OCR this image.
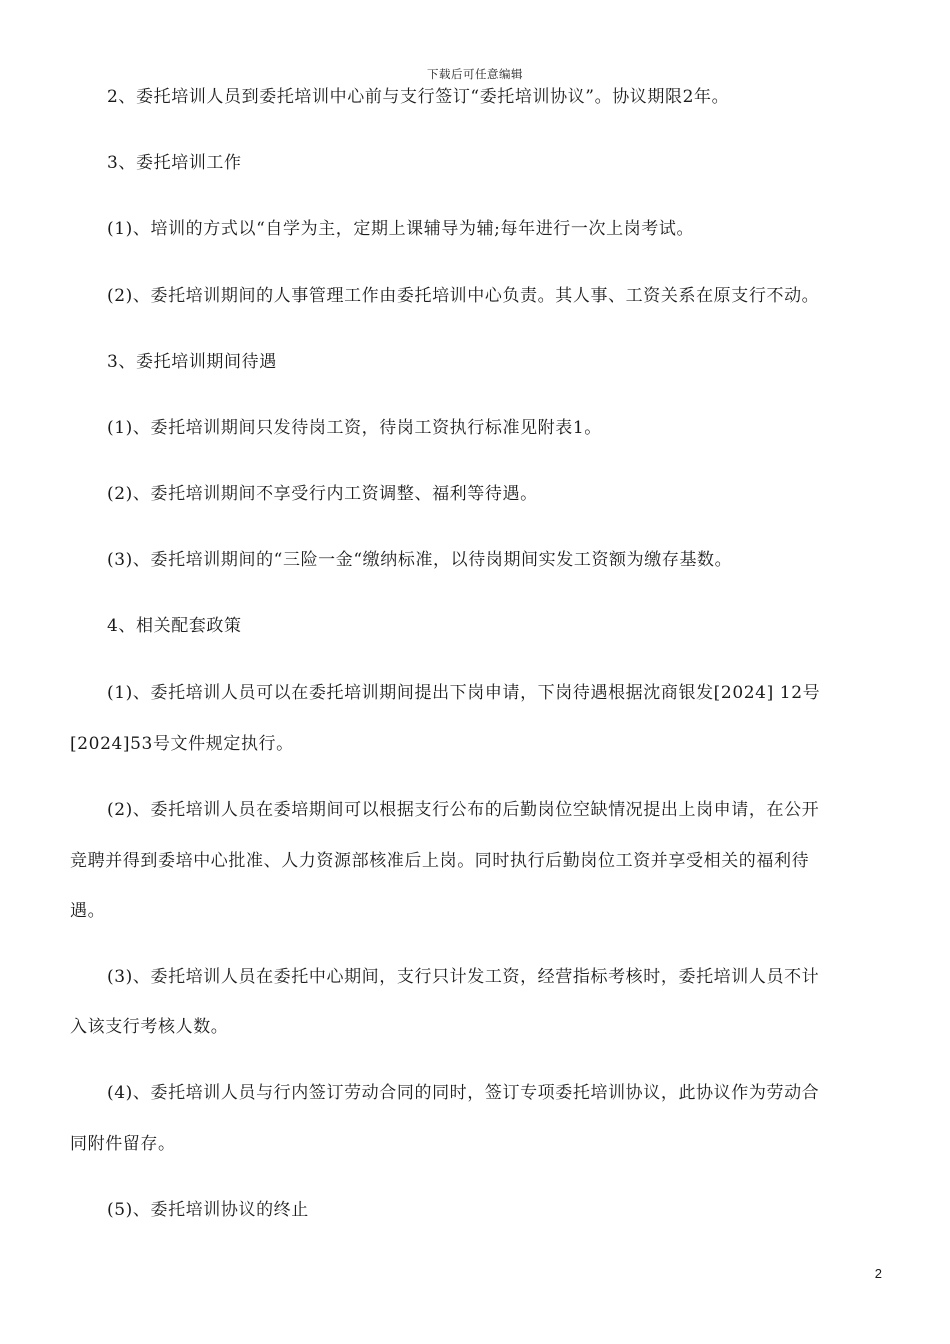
下载后可任意编辑
2、委托培训人员到委托培训中心前与支行签订“委托培训协议”。协议期限2年。
3、委托培训工作
(1)、培训的方式以“自学为主，定期上课辅导为辅;每年进行一次上岗考试。
(2)、委托培训期间的人事管理工作由委托培训中心负责。其人事、工资关系在原支行不动。
3、委托培训期间待遇
(1)、委托培训期间只发待岗工资，待岗工资执行标准见附表1。
(2)、委托培训期间不享受行内工资调整、福利等待遇。
(3)、委托培训期间的“三险一金“缴纳标准，以待岗期间实发工资额为缴存基数。
4、相关配套政策
(1)、委托培训人员可以在委托培训期间提出下岗申请，下岗待遇根据沈商银发[2024] 12号
[2024]53号文件规定执行。
(2)、委托培训人员在委培期间可以根据支行公布的后勤岗位空缺情况提出上岗申请，在公开
竞聘并得到委培中心批准、人力资源部核准后上岗。同时执行后勤岗位工资并享受相关的福利待
遇。
(3)、委托培训人员在委托中心期间，支行只计发工资，经营指标考核时，委托培训人员不计
入该支行考核人数。
(4)、委托培训人员与行内签订劳动合同的同时，签订专项委托培训协议，此协议作为劳动合
同附件留存。
(5)、委托培训协议的终止
2
